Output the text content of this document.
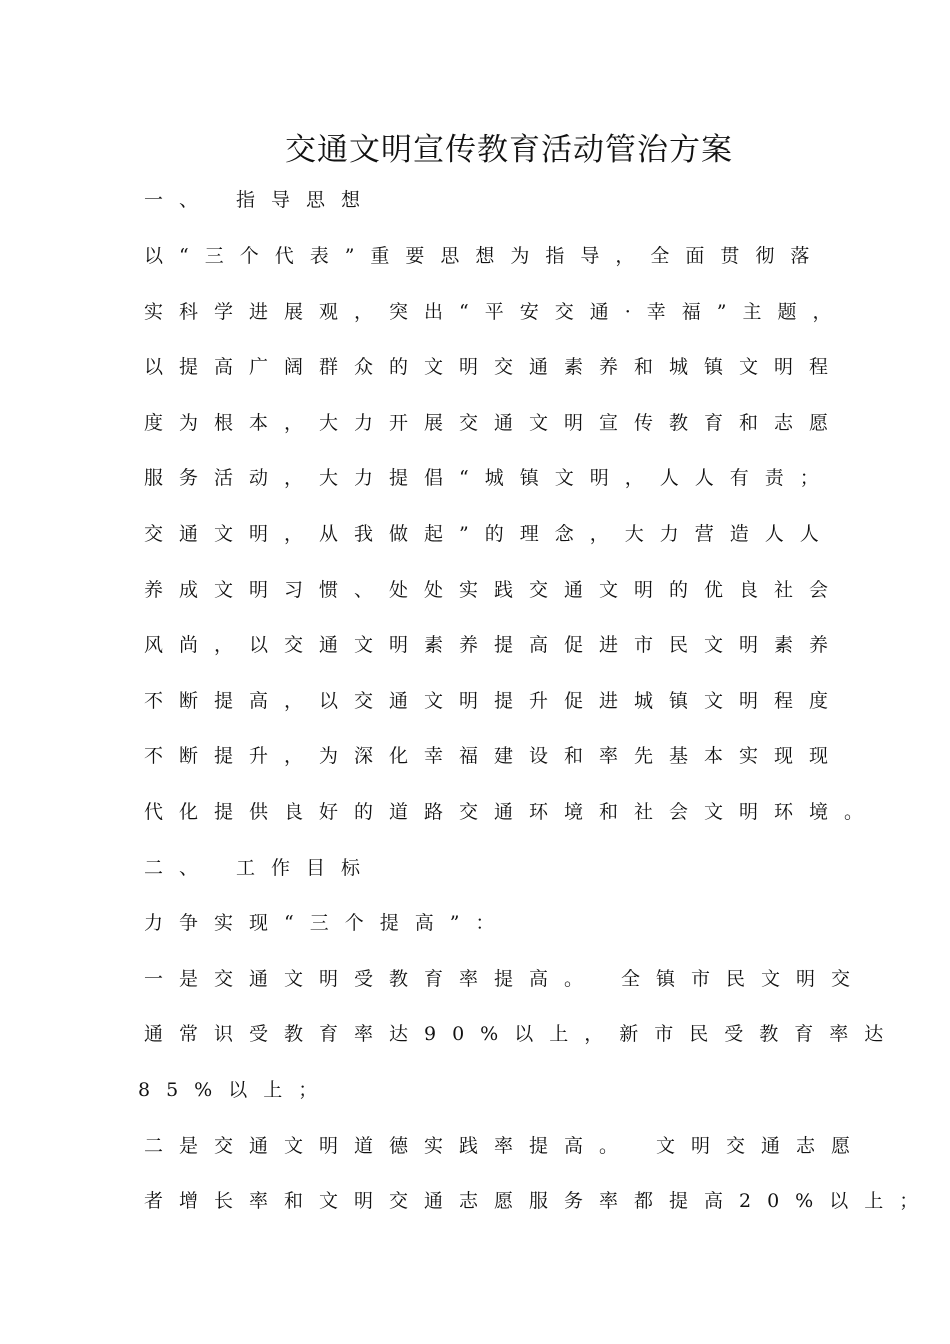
交通文明宣传教育活动管治方案
一、 指导思想
以“三个代表”重要思想为指导，全面贯彻落
实科学进展观，突出“平安交通·幸福”主题，
以提高广阔群众的文明交通素养和城镇文明程
度为根本，大力开展交通文明宣传教育和志愿
服务活动，大力提倡“城镇文明，人人有责；
交通文明，从我做起”的理念，大力营造人人
养成文明习惯、处处实践交通文明的优良社会
风尚，以交通文明素养提高促进市民文明素养
不断提高，以交通文明提升促进城镇文明程度
不断提升，为深化幸福建设和率先基本实现现
代化提供良好的道路交通环境和社会文明环境。
二、 工作目标
力争实现“三个提高”：
一是交通文明受教育率提高。 全镇市民文明交
通常识受教育率达90%以上，新市民受教育率达
85%以上；
二是交通文明道德实践率提高。 文明交通志愿
者增长率和文明交通志愿服务率都提高20%以上；
